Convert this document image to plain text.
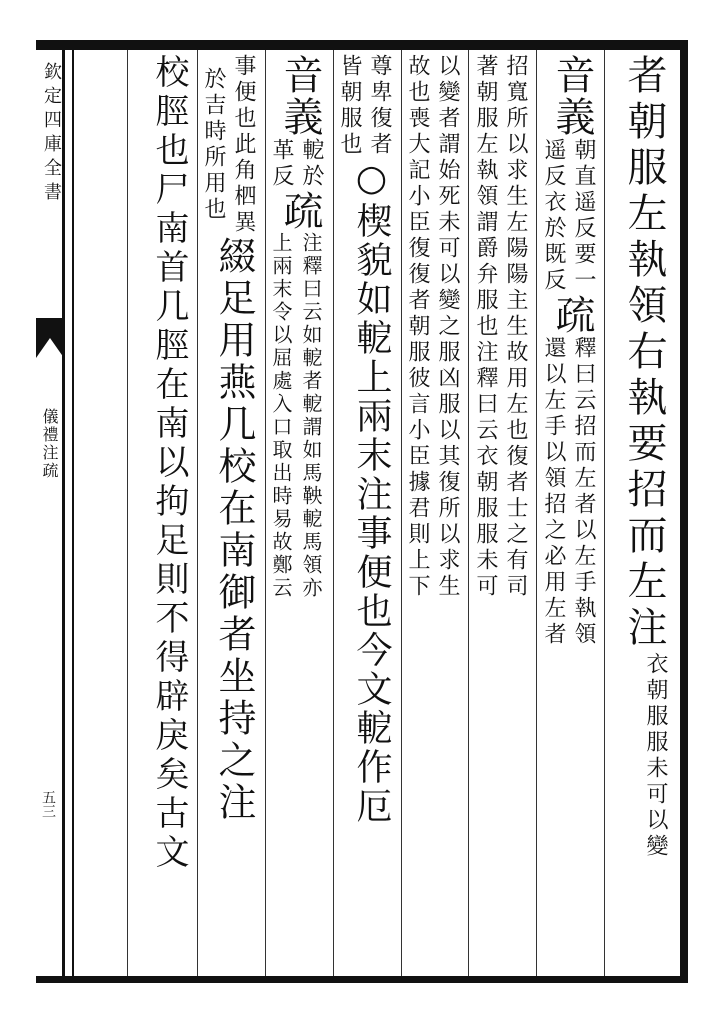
欽定四庫全書
儀禮注疏
五三
者朝服左執領右執要招而左注
衣朝服服未可以變
音義
朝直遥反要一
遥反衣於既反
疏
釋曰云招而左者以左手執領
還以左手以領招之必用左者
招寬所以求生左陽陽主生故用左也復者士之有司
著朝服左執領謂爵弁服也注釋曰云衣朝服服未可
以變者謂始死未可以變之服凶服以其復所以求生
故也喪大記小臣復復者朝服彼言小臣據君則上下
尊卑復者
皆朝服也
○楔貌如軶上兩末注事便也今文軶作厄
音義
軶於
革反
疏
注釋曰云如軶者軶謂如馬鞅軶馬領亦
上兩末令以屈處入口取出時易故鄭云
事便也此角柶異
於吉時所用也
綴足用燕几校在南御者坐持之注
校脛也尸南首几脛在南以拘足則不得辟戾矣古文
